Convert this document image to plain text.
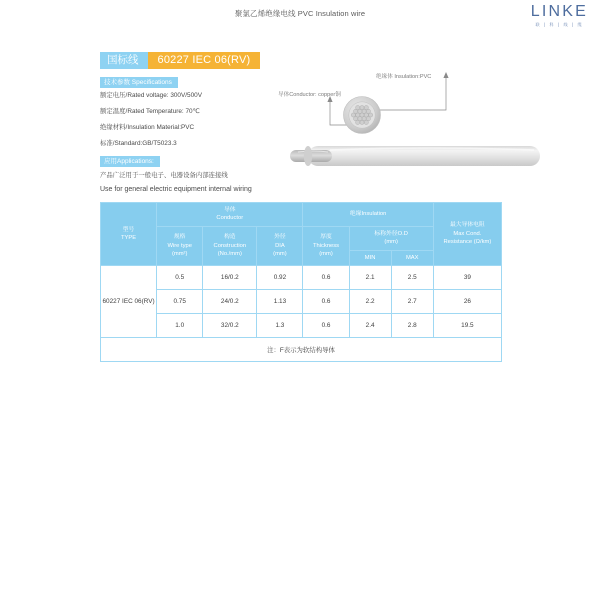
聚氯乙烯绝缘电线 PVC Insulation wire	LINKE
联 | 科 | 线 | 缆
国标线	60227 IEC 06(RV)
技术参数 Specifications
额定电压/Rated voltage: 300V/500V
额定温度/Rated Temperature: 70℃
绝缘材料/Insulation Material:PVC
标准/Standard:GB/T5023.3
应用Applications:
产品广泛用于一般电子、电器设备内部连接线
Use for general electric equipment internal wiring
绝缘体 Insulation:PVC
导体Conductor: copper铜
型号
TYPE	导体
Conductor			绝缘Insulation			最大导体电阻
Max Cond.
Resistance (Ω/km)

	规格
Wire type
(mm²)	构造
Construction
(No./mm)	外径
DIA
(mm)	厚度
Thickness
(mm)	标称外径O.D
(mm)		

					MIN	MAX	
60227 IEC 06(RV)	0.5	16/0.2	0.92	0.6	2.1	2.5	39
	0.75	24/0.2	1.13	0.6	2.2	2.7	26
	1.0	32/0.2	1.3	0.6	2.4	2.8	19.5
注：F表示为软结构导体							
